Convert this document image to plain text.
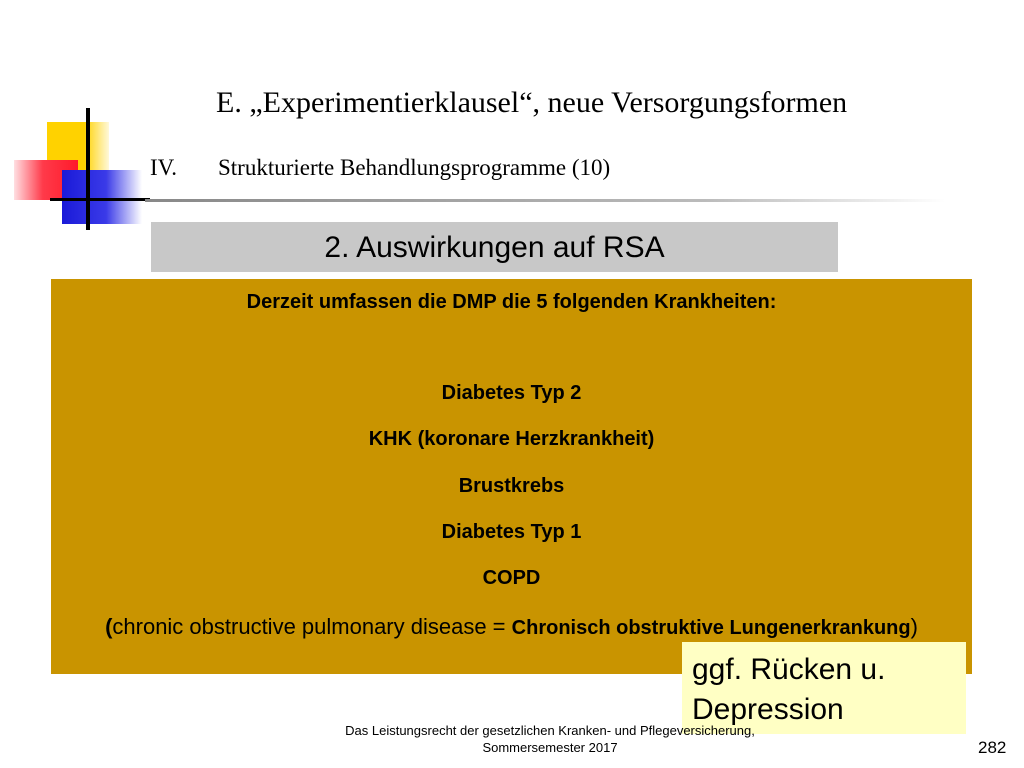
E. „Experimentierklausel“, neue Versorgungsformen
IV. Strukturierte Behandlungsprogramme (10)
2. Auswirkungen auf RSA
Derzeit umfassen die DMP die 5 folgenden Krankheiten:
Diabetes Typ 2
KHK (koronare Herzkrankheit)
Brustkrebs
Diabetes Typ 1
COPD
(chronic obstructive pulmonary disease = Chronisch obstruktive Lungenerkrankung)
ggf. Rücken u.
Depression
Das Leistungsrecht der gesetzlichen Kranken- und Pflegeversicherung,
Sommersemester 2017	282
